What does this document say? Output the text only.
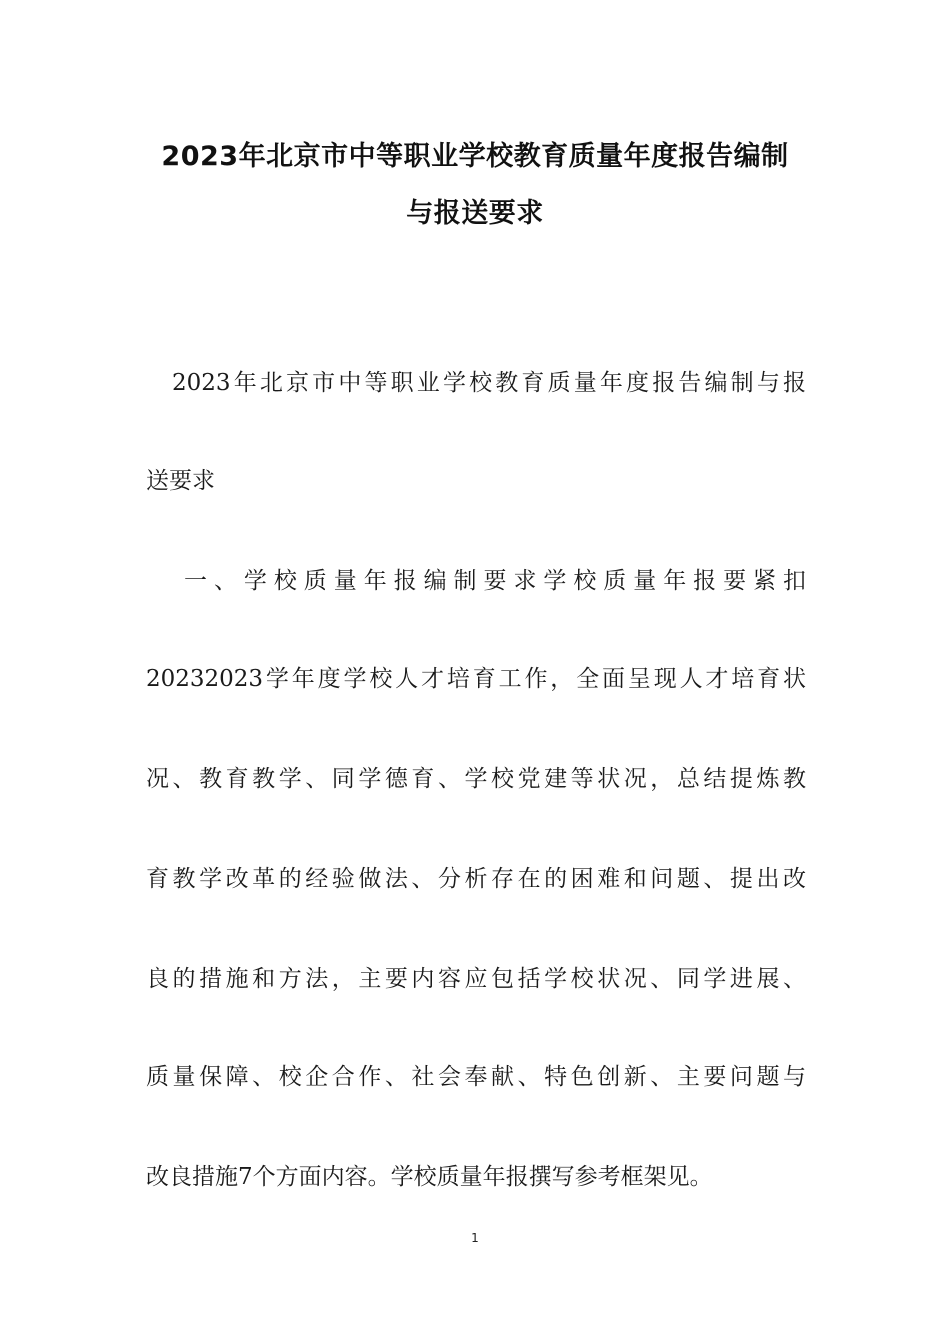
2023年北京市中等职业学校教育质量年度报告编制
与报送要求
2023年北京市中等职业学校教育质量年度报告编制与报
送要求
一、学校质量年报编制要求学校质量年报要紧扣
20232023学年度学校人才培育工作，全面呈现人才培育状
况、教育教学、同学德育、学校党建等状况，总结提炼教
育教学改革的经验做法、分析存在的困难和问题、提出改
良的措施和方法，主要内容应包括学校状况、同学进展、
质量保障、校企合作、社会奉献、特色创新、主要问题与
改良措施7个方面内容。学校质量年报撰写参考框架见。
1
